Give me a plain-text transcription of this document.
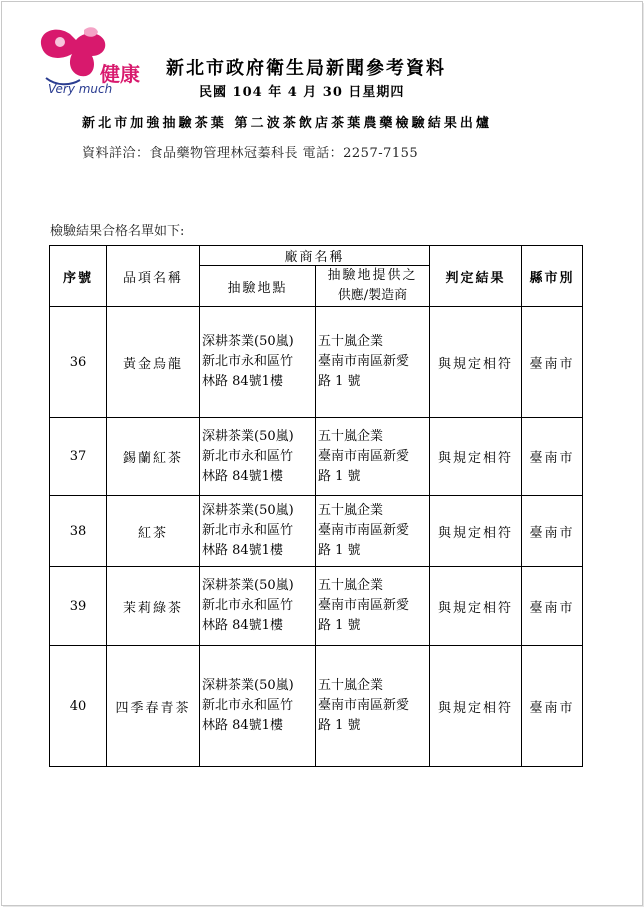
健康
Very much
新北市政府衛生局新聞參考資料
民國 104 年 4 月 30 日星期四
新北市加強抽驗茶葉 第二波茶飲店茶葉農藥檢驗結果出爐
資料詳洽：食品藥物管理林冠蓁科長 電話：2257-7155
檢驗結果合格名單如下:
序號	品項名稱	廠商名稱		判定結果	縣市別
		抽驗地點	抽驗地提供之
供應/製造商		

36	黃金烏龍	深耕茶業(50嵐)
新北市永和區竹
林路 84號1樓	五十嵐企業
臺南市南區新愛
路 1 號	與規定相符	臺南市
37	錫蘭紅茶	深耕茶業(50嵐)
新北市永和區竹
林路 84號1樓	五十嵐企業
臺南市南區新愛
路 1 號	與規定相符	臺南市
38	紅茶	深耕茶業(50嵐)
新北市永和區竹
林路 84號1樓	五十嵐企業
臺南市南區新愛
路 1 號	與規定相符	臺南市
39	茉莉綠茶	深耕茶業(50嵐)
新北市永和區竹
林路 84號1樓	五十嵐企業
臺南市南區新愛
路 1 號	與規定相符	臺南市
40	四季春青茶	深耕茶業(50嵐)
新北市永和區竹
林路 84號1樓	五十嵐企業
臺南市南區新愛
路 1 號	與規定相符	臺南市
